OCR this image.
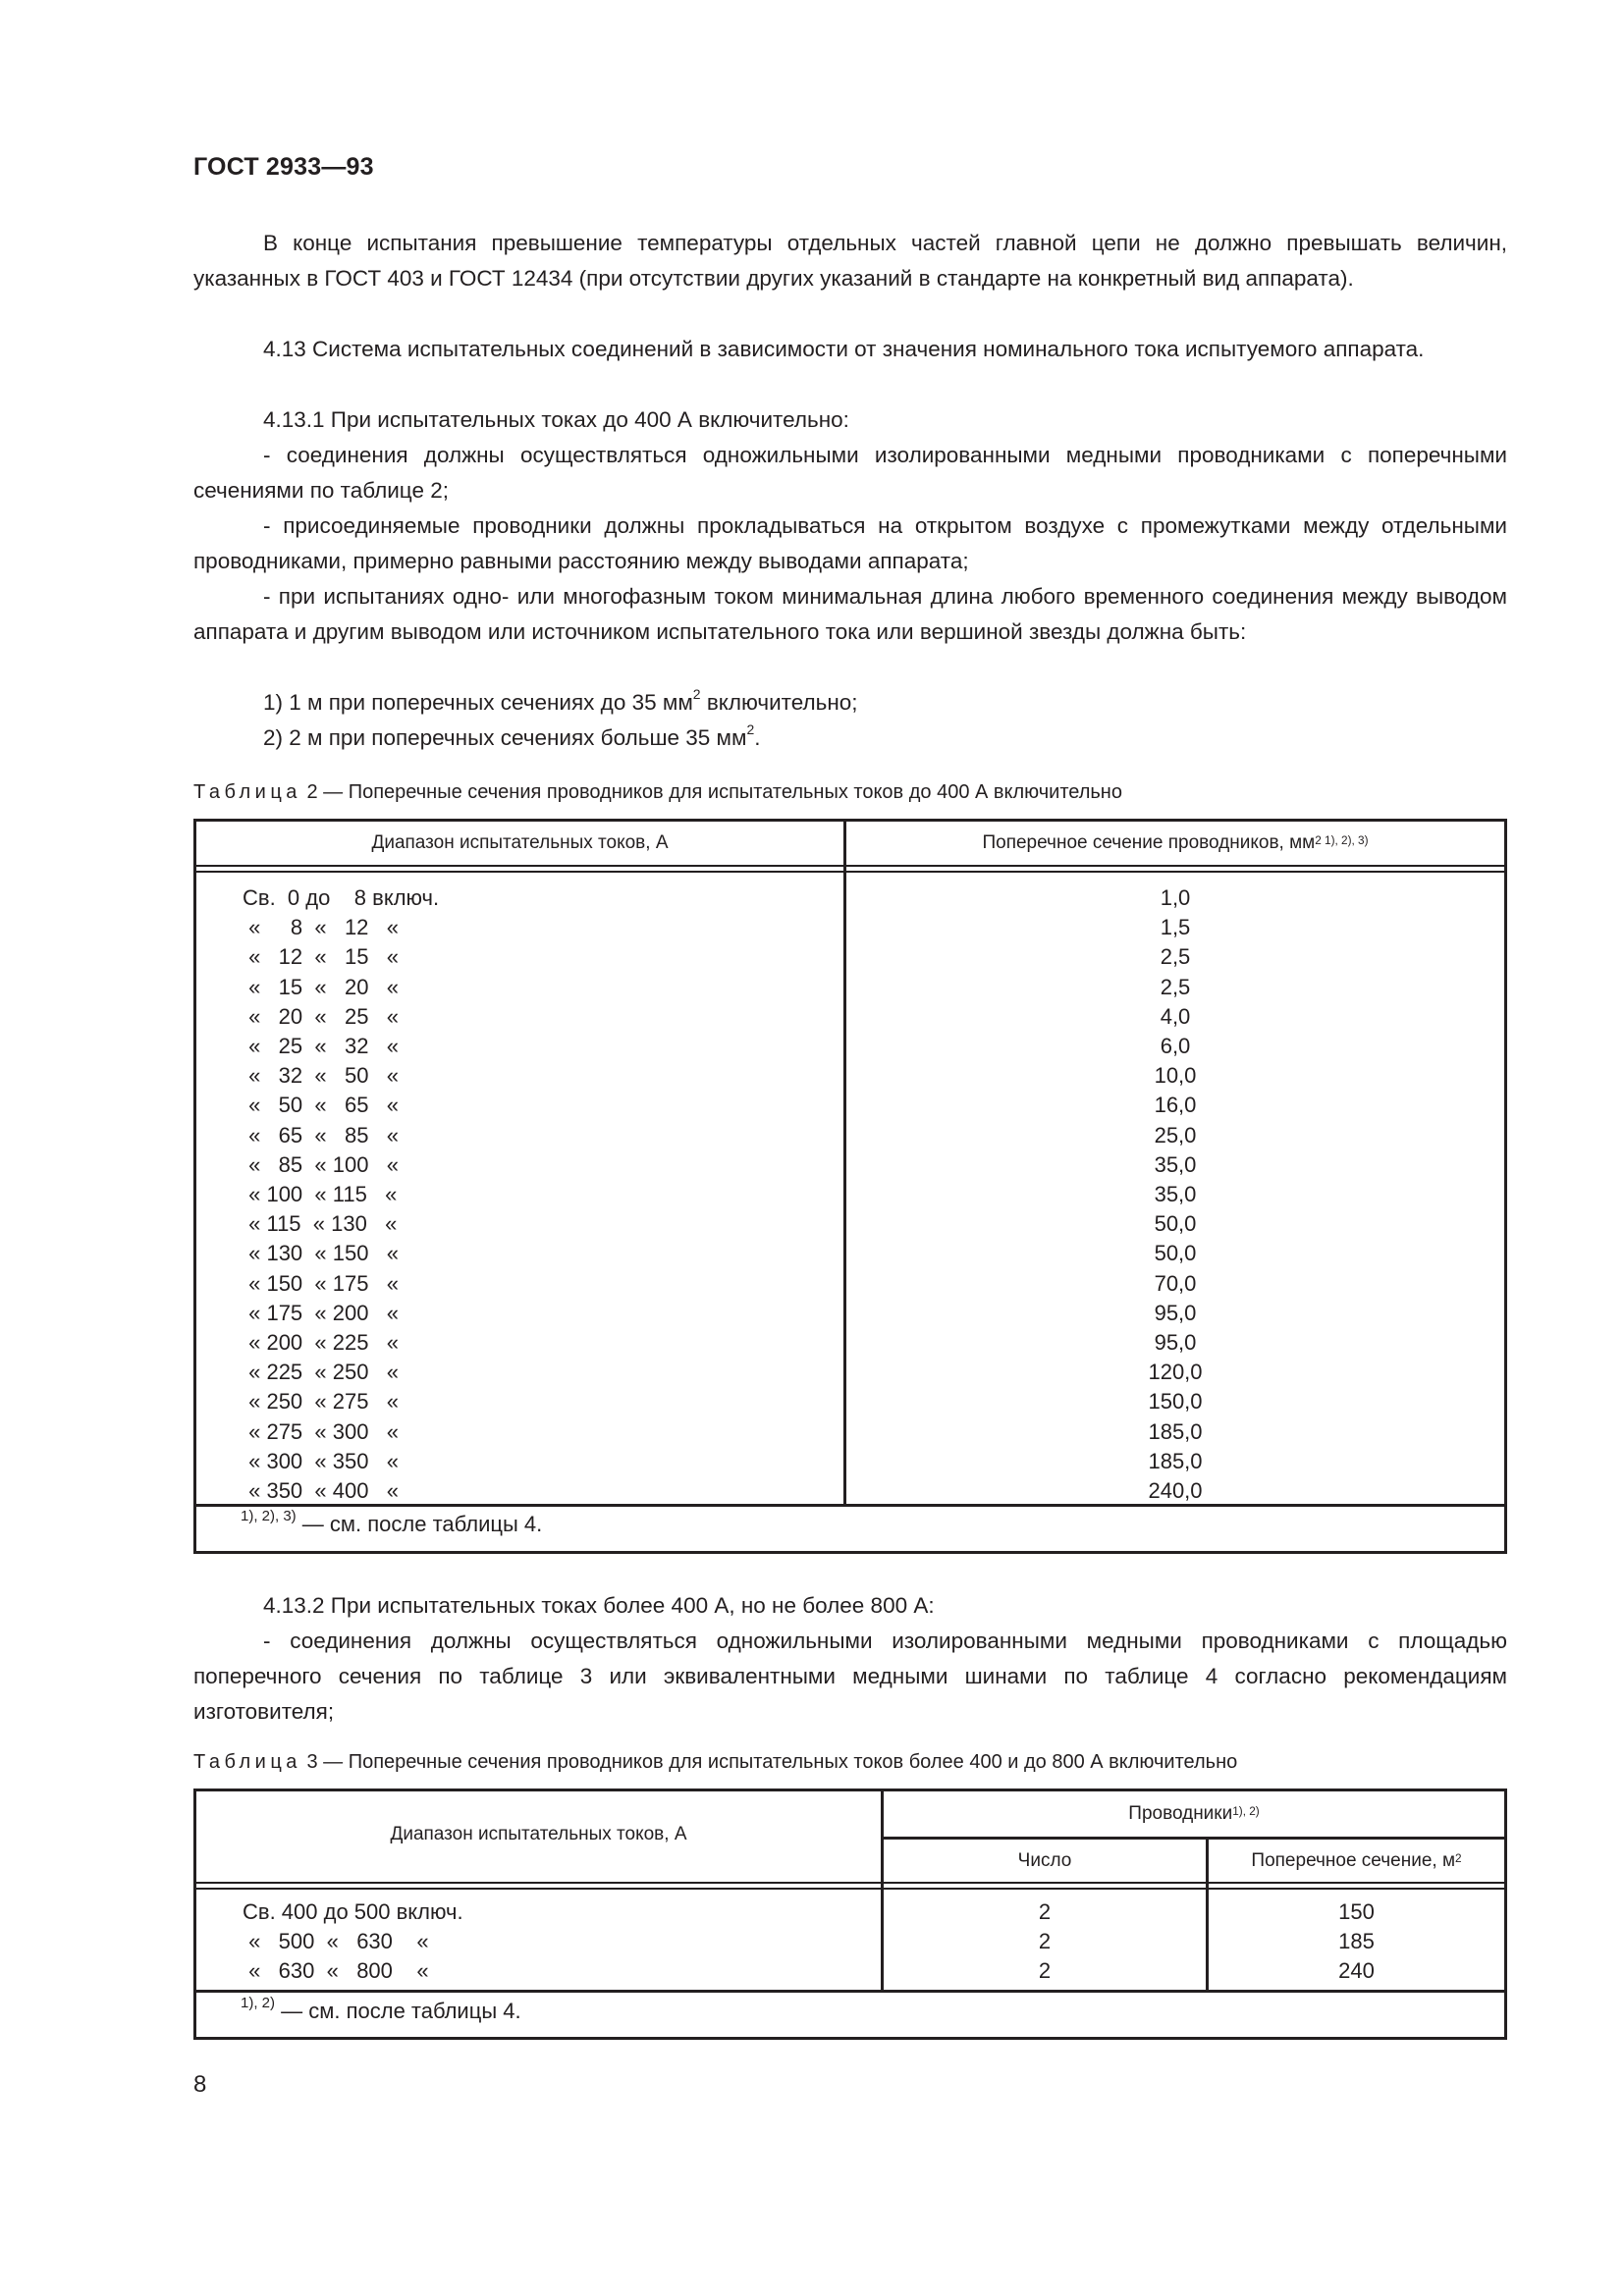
ГОСТ 2933—93

В конце испытания превышение температуры отдельных частей главной цепи не должно превышать величин, указанных в ГОСТ 403 и ГОСТ 12434 (при отсутствии других указаний в стандарте на конкретный вид аппарата).

4.13 Система испытательных соединений в зависимости от значения номинального тока испытуемого аппарата.

4.13.1 При испытательных токах до 400 А включительно:

- соединения должны осуществляться одножильными изолированными медными проводниками с поперечными сечениями по таблице 2;

- присоединяемые проводники должны прокладываться на открытом воздухе с промежутками между отдельными проводниками, примерно равными расстоянию между выводами аппарата;

- при испытаниях одно- или многофазным током минимальная длина любого временного соединения между выводом аппарата и другим выводом или источником испытательного тока или вершиной звезды должна быть:

1) 1 м при поперечных сечениях до 35 $мм^2$ включительно;

2) 2 м при поперечных сечениях больше 35 $мм^2$.

Таблица 2 — Поперечные сечения проводников для испытательных токов до 400 А включительно
Диапазон испытательных токов, А	Поперечное сечение проводников, $мм^{2 1), 2), 3)}$
Св.  0 до    8 включ.
«     8  «   12   «
«   12  «   15   «
«   15  «   20   «
«   20  «   25   «
«   25  «   32   «
«   32  «   50   «
«   50  «   65   «
«   65  «   85   «
«   85  « 100   «
« 100  « 115   «
« 115  « 130   «
« 130  « 150   «
« 150  « 175   «
« 175  « 200   «
« 200  « 225   «
« 225  « 250   «
« 250  « 275   «
« 275  « 300   «
« 300  « 350   «
« 350  « 400   «
1,0
1,5
2,5
2,5
4,0
6,0
10,0
16,0
25,0
35,0
35,0
50,0
50,0
70,0
95,0
95,0
120,0
150,0
185,0
185,0
240,0
$^{1), 2), 3)}$ — см. после таблицы 4.

4.13.2 При испытательных токах более 400 А, но не более 800 А:

- соединения должны осуществляться одножильными изолированными медными проводниками с площадью поперечного сечения по таблице 3 или эквивалентными медными шинами по таблице 4 согласно рекомендациям изготовителя;

Таблица 3 — Поперечные сечения проводников для испытательных токов более 400 и до 800 А включительно
Диапазон испытательных токов, А
Проводники$^{1), 2)}$
Число	Поперечное сечение, $м^2$
Св. 400 до 500 включ.
«   500  «   630    «
«   630  «   800    «
2
2
2
150
185
240
$^{1), 2)}$ — см. после таблицы 4.
8
